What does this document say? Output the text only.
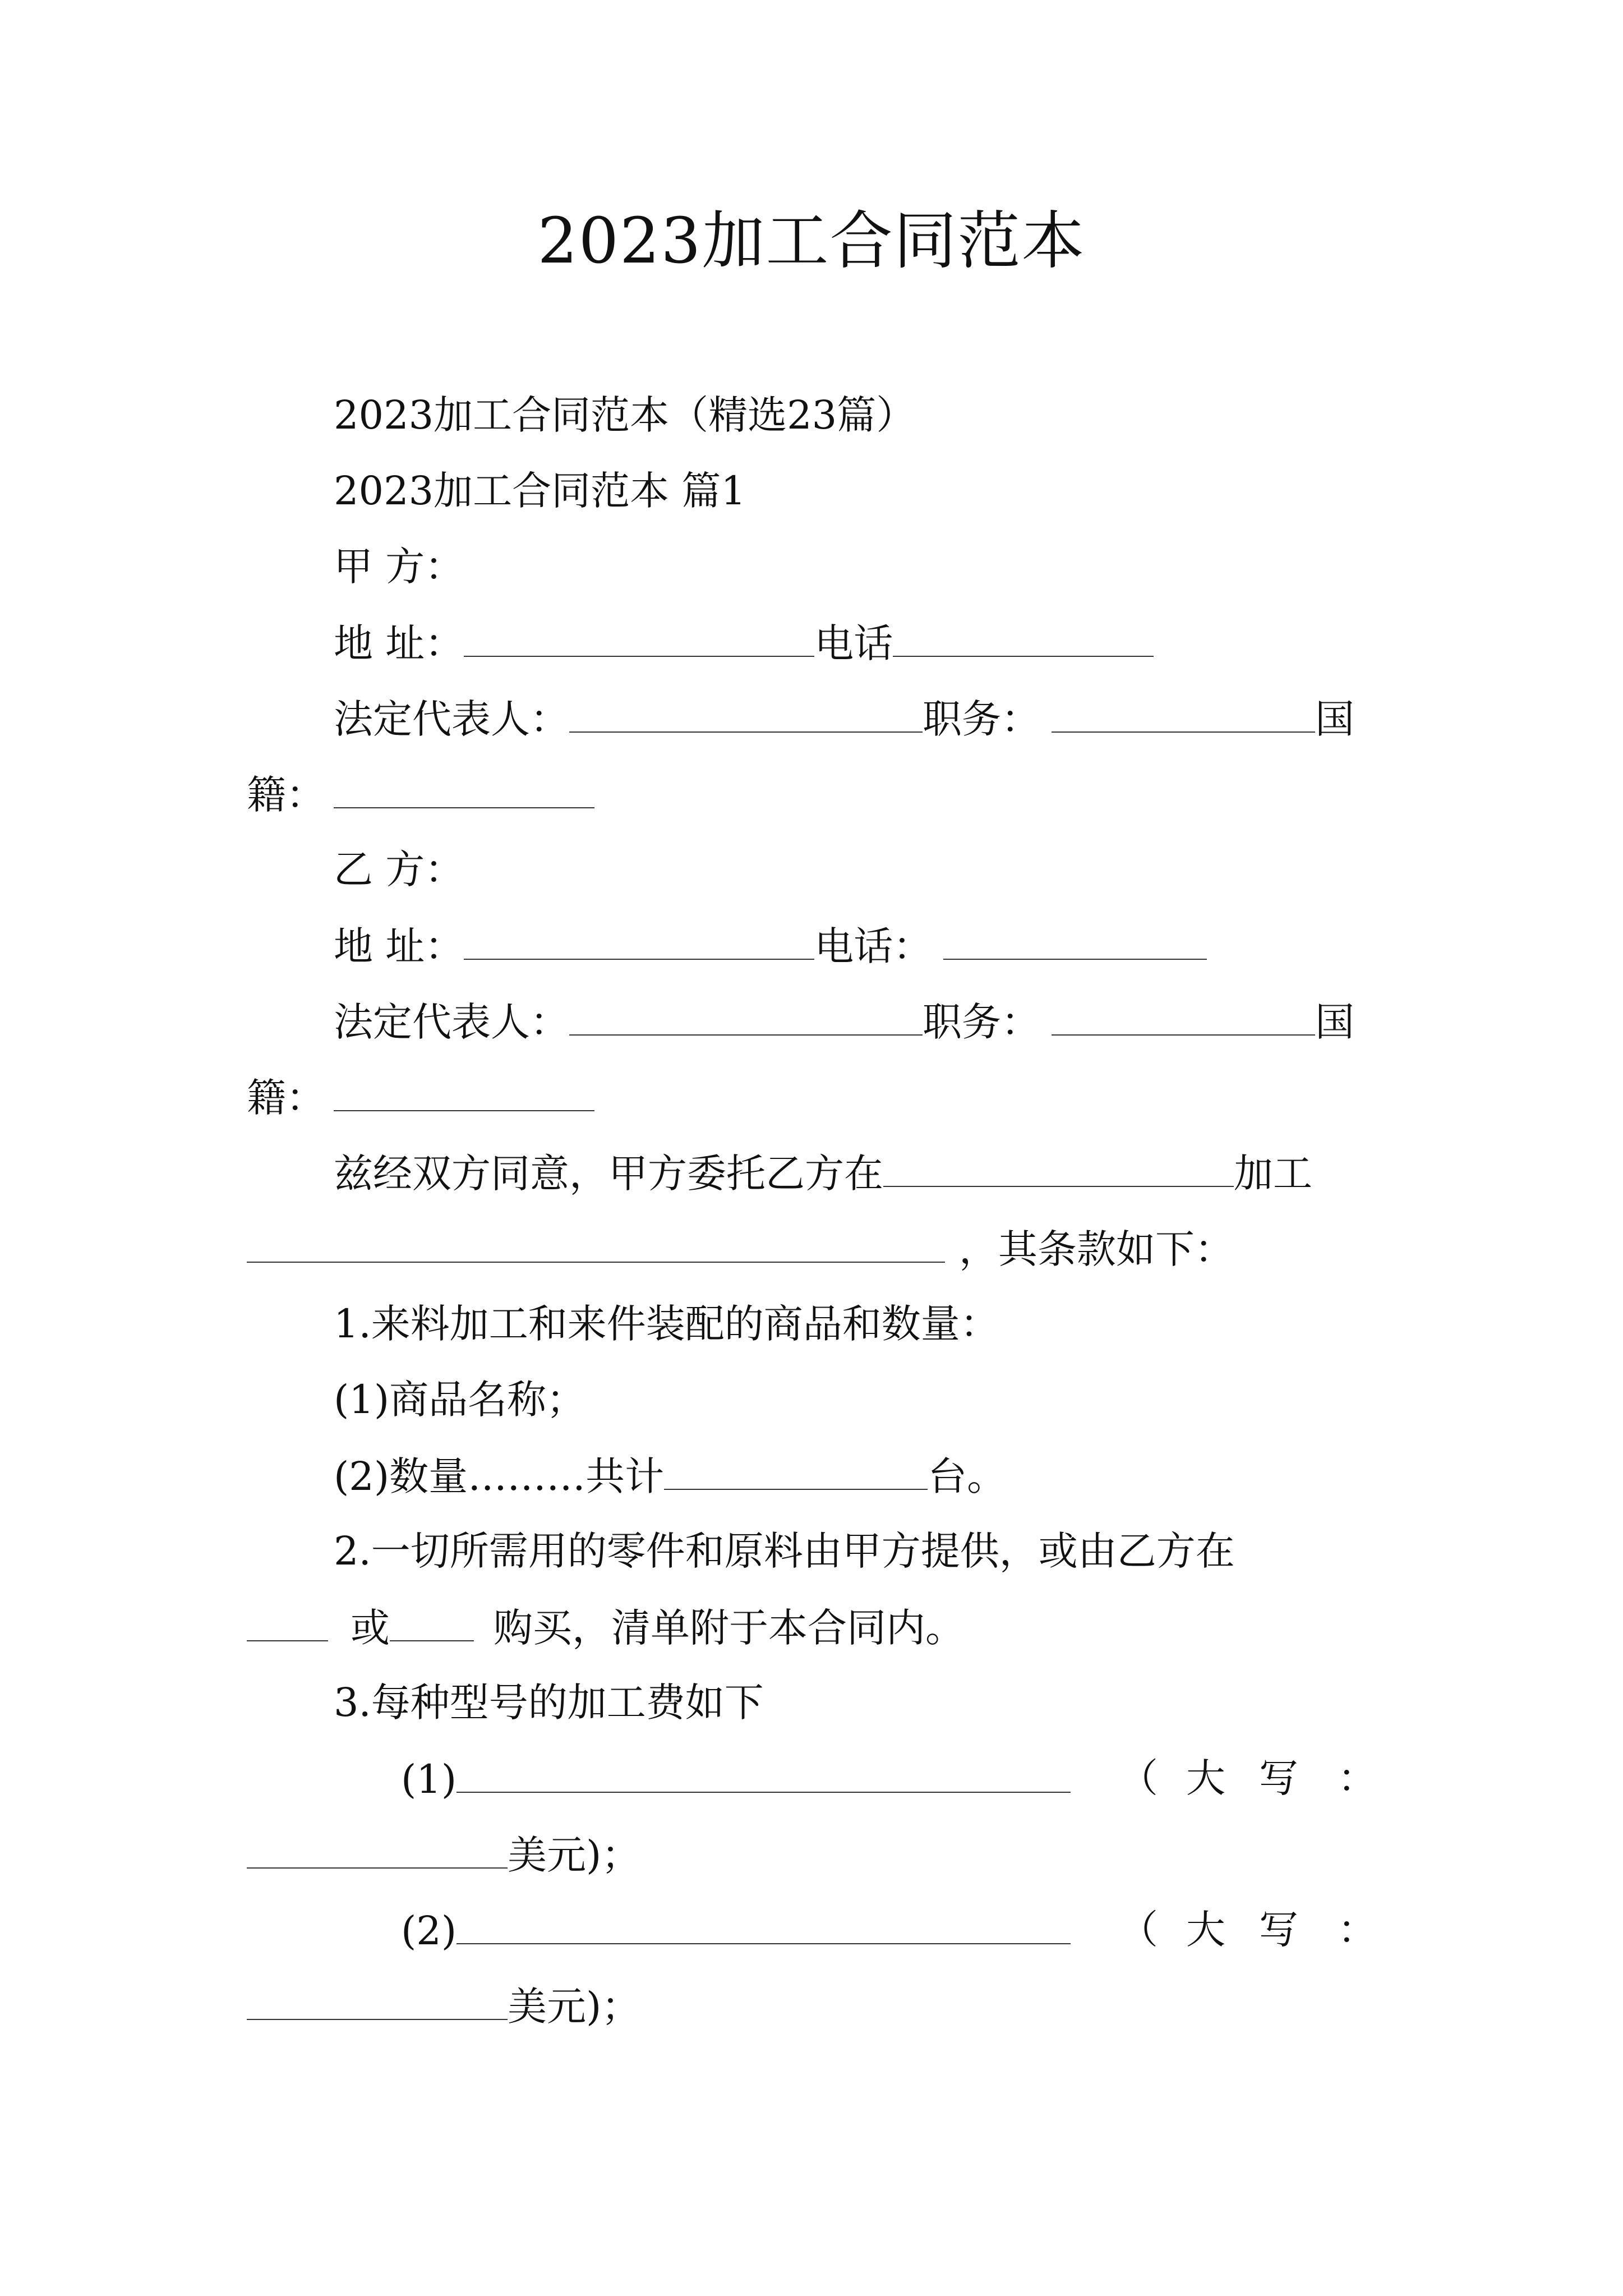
2023加工合同范本
2023加工合同范本（精选23篇）
2023加工合同范本 篇1
甲 方：
地 址：	电话
法定代表人：	职务：	国
籍：
乙 方：
地 址：	电话：
法定代表人：	职务：	国
籍：
兹经双方同意，甲方委托乙方在	加工
，其条款如下：
1.来料加工和来件装配的商品和数量：
(1)商品名称；
(2)数量………共计	台。
2.一切所需用的零件和原料由甲方提供，或由乙方在
或	购买，清单附于本合同内。
3.每种型号的加工费如下
(1)	（ 大 写 ：
美元)；
(2)	（ 大 写 ：
美元)；
